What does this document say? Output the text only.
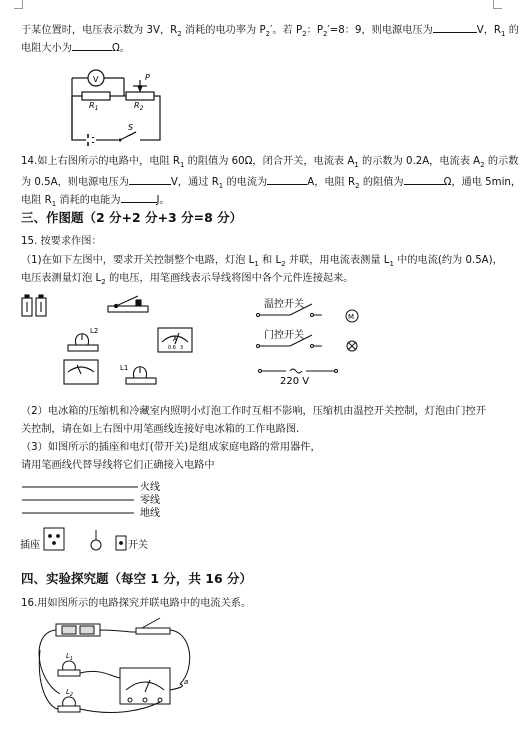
于某位置时，电压表示数为 3V，$R_2$ 消耗的电功率为 $P_2'$。若 $P_2$：$P_2'=8$：9，则电源电压为	V，$R_1$ 的
电阻大小为	Ω。
V
$R_1$	$R_2$
P
S
14.如上右图所示的电路中，电阻 $R_1$ 的阻值为 60Ω，闭合开关，电流表 $A_1$ 的示数为 0.2A，电流表 $A_2$ 的示数
为 0.5A，则电源电压为	V，通过 $R_1$ 的电流为	A，电阻 $R_2$ 的阻值为	Ω，通电 5min，
电阻 $R_1$ 消耗的电能为	J。
三、作图题（2 分+2 分+3 分=8 分）
15. 按要求作图：
（1)在如下左图中，要求开关控制整个电路，灯泡 $L_1$ 和 $L_2$ 并联，用电流表测量 $L_1$ 中的电流(约为 0.5A)，
电压表测量灯泡 $L_2$ 的电压，用笔画线表示导线将图中各个元件连接起来。
L2
A
0.6 3
L1
温控开关
门控开关
M
220 V
（2）电冰箱的压缩机和冷藏室内照明小灯泡工作时互相不影响，压缩机由温控开关控制，灯泡由门控开
关控制，请在如上右图中用笔画线连接好电冰箱的工作电路图.
（3）如图所示的插座和电灯(带开关)是组成家庭电路的常用器件，
请用笔画线代替导线将它们正确接入电路中
火线
零线
地线
插座	开关
四、实验探究题（每空 1 分，共 16 分）
16.用如图所示的电路探究并联电路中的电流关系。
$L_1$
$L_2$
a
